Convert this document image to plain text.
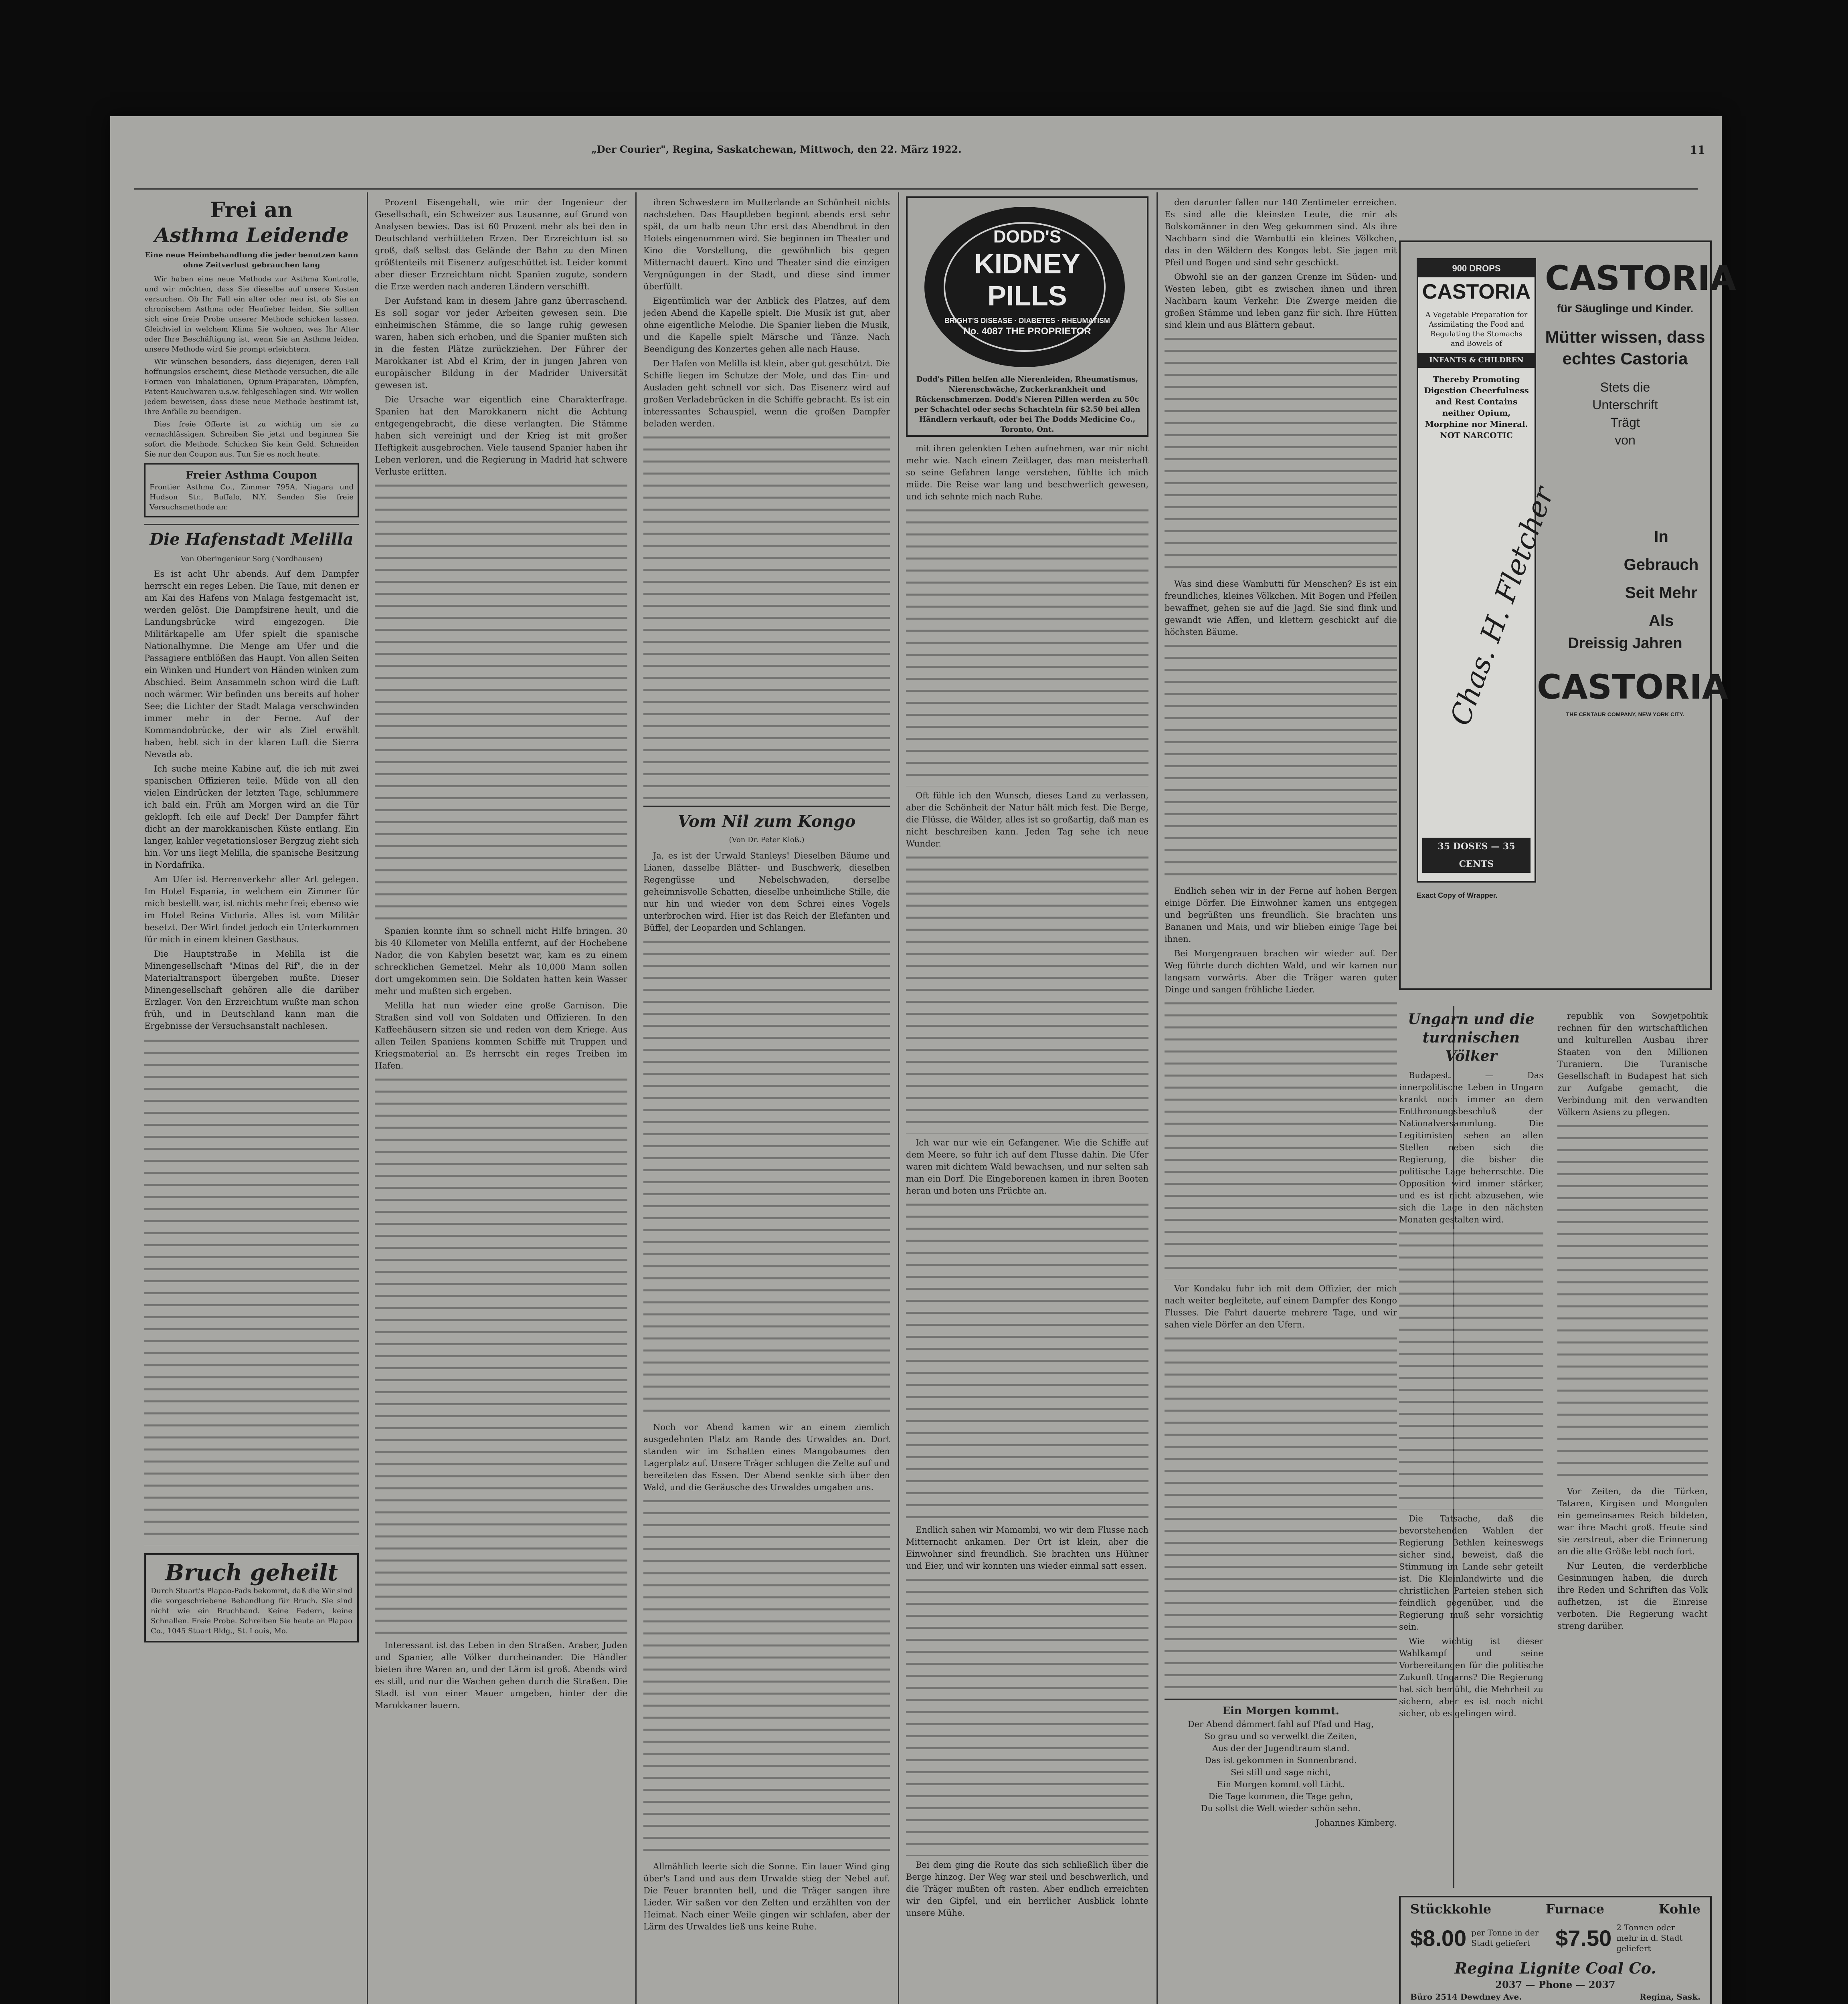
„Der Courier", Regina, Saskatchewan, Mittwoch, den 22. März 1922.	11
Frei an
Asthma Leidende
Eine neue Heimbehandlung die jeder benutzen kann ohne Zeitverlust gebrauchen lang

Wir haben eine neue Methode zur Asthma Kontrolle, und wir möchten, dass Sie dieselbe auf unsere Kosten versuchen. Ob Ihr Fall ein alter oder neu ist, ob Sie an chronischem Asthma oder Heufieber leiden, Sie sollten sich eine freie Probe unserer Methode schicken lassen. Gleichviel in welchem Klima Sie wohnen, was Ihr Alter oder Ihre Beschäftigung ist, wenn Sie an Asthma leiden, unsere Methode wird Sie prompt erleichtern.

Wir wünschen besonders, dass diejenigen, deren Fall hoffnungslos erscheint, diese Methode versuchen, die alle Formen von Inhalationen, Opium-Präparaten, Dämpfen, Patent-Rauchwaren u.s.w. fehlgeschlagen sind. Wir wollen Jedem beweisen, dass diese neue Methode bestimmt ist, Ihre Anfälle zu beendigen.

Dies freie Offerte ist zu wichtig um sie zu vernachlässigen. Schreiben Sie jetzt und beginnen Sie sofort die Methode. Schicken Sie kein Geld. Schneiden Sie nur den Coupon aus. Tun Sie es noch heute.

Freier Asthma Coupon
Frontier Asthma Co., Zimmer 795A, Niagara und Hudson Str., Buffalo, N.Y. Senden Sie freie Versuchsmethode an:
Die Hafenstadt Melilla
Von Oberingenieur Sorg (Nordhausen)

Es ist acht Uhr abends. Auf dem Dampfer herrscht ein reges Leben. Die Taue, mit denen er am Kai des Hafens von Malaga festgemacht ist, werden gelöst. Die Dampfsirene heult, und die Landungsbrücke wird eingezogen. Die Militärkapelle am Ufer spielt die spanische Nationalhymne. Die Menge am Ufer und die Passagiere entblößen das Haupt. Von allen Seiten ein Winken und Hundert von Händen winken zum Abschied. Beim Ansammeln schon wird die Luft noch wärmer. Wir befinden uns bereits auf hoher See; die Lichter der Stadt Malaga verschwinden immer mehr in der Ferne. Auf der Kommandobrücke, der wir als Ziel erwählt haben, hebt sich in der klaren Luft die Sierra Nevada ab.

Ich suche meine Kabine auf, die ich mit zwei spanischen Offizieren teile. Müde von all den vielen Eindrücken der letzten Tage, schlummere ich bald ein. Früh am Morgen wird an die Tür geklopft. Ich eile auf Deck! Der Dampfer fährt dicht an der marokkanischen Küste entlang. Ein langer, kahler vegetationsloser Bergzug zieht sich hin. Vor uns liegt Melilla, die spanische Besitzung in Nordafrika.

Am Ufer ist Herrenverkehr aller Art gelegen. Im Hotel Espania, in welchem ein Zimmer für mich bestellt war, ist nichts mehr frei; ebenso wie im Hotel Reina Victoria. Alles ist vom Militär besetzt. Der Wirt findet jedoch ein Unterkommen für mich in einem kleinen Gasthaus.

Die Hauptstraße in Melilla ist die Minengesellschaft "Minas del Rif", die in der Materialtransport übergeben mußte. Dieser Minengesellschaft gehören alle die darüber Erzlager. Von den Erzreichtum wußte man schon früh, und in Deutschland kann man die Ergebnisse der Versuchsanstalt nachlesen.

Bruch geheilt
Durch Stuart's Plapao-Pads bekommt, daß die Wir sind die vorgeschriebene Behandlung für Bruch. Sie sind nicht wie ein Bruchband. Keine Federn, keine Schnallen. Freie Probe. Schreiben Sie heute an Plapao Co., 1045 Stuart Bldg., St. Louis, Mo.

Prozent Eisengehalt, wie mir der Ingenieur der Gesellschaft, ein Schweizer aus Lausanne, auf Grund von Analysen bewies. Das ist 60 Prozent mehr als bei den in Deutschland verhütteten Erzen. Der Erzreichtum ist so groß, daß selbst das Gelände der Bahn zu den Minen größtenteils mit Eisenerz aufgeschüttet ist. Leider kommt aber dieser Erzreichtum nicht Spanien zugute, sondern die Erze werden nach anderen Ländern verschifft.

Der Aufstand kam in diesem Jahre ganz überraschend. Es soll sogar vor jeder Arbeiten gewesen sein. Die einheimischen Stämme, die so lange ruhig gewesen waren, haben sich erhoben, und die Spanier mußten sich in die festen Plätze zurückziehen. Der Führer der Marokkaner ist Abd el Krim, der in jungen Jahren von europäischer Bildung in der Madrider Universität gewesen ist.

Die Ursache war eigentlich eine Charakterfrage. Spanien hat den Marokkanern nicht die Achtung entgegengebracht, die diese verlangten. Die Stämme haben sich vereinigt und der Krieg ist mit großer Heftigkeit ausgebrochen. Viele tausend Spanier haben ihr Leben verloren, und die Regierung in Madrid hat schwere Verluste erlitten.

Spanien konnte ihm so schnell nicht Hilfe bringen. 30 bis 40 Kilometer von Melilla entfernt, auf der Hochebene Nador, die von Kabylen besetzt war, kam es zu einem schrecklichen Gemetzel. Mehr als 10,000 Mann sollen dort umgekommen sein. Die Soldaten hatten kein Wasser mehr und mußten sich ergeben.

Melilla hat nun wieder eine große Garnison. Die Straßen sind voll von Soldaten und Offizieren. In den Kaffeehäusern sitzen sie und reden von dem Kriege. Aus allen Teilen Spaniens kommen Schiffe mit Truppen und Kriegsmaterial an. Es herrscht ein reges Treiben im Hafen.

Interessant ist das Leben in den Straßen. Araber, Juden und Spanier, alle Völker durcheinander. Die Händler bieten ihre Waren an, und der Lärm ist groß. Abends wird es still, und nur die Wachen gehen durch die Straßen. Die Stadt ist von einer Mauer umgeben, hinter der die Marokkaner lauern.

ihren Schwestern im Mutterlande an Schönheit nichts nachstehen. Das Hauptleben beginnt abends erst sehr spät, da um halb neun Uhr erst das Abendbrot in den Hotels eingenommen wird. Sie beginnen im Theater und Kino die Vorstellung, die gewöhnlich bis gegen Mitternacht dauert. Kino und Theater sind die einzigen Vergnügungen in der Stadt, und diese sind immer überfüllt.

Eigentümlich war der Anblick des Platzes, auf dem jeden Abend die Kapelle spielt. Die Musik ist gut, aber ohne eigentliche Melodie. Die Spanier lieben die Musik, und die Kapelle spielt Märsche und Tänze. Nach Beendigung des Konzertes gehen alle nach Hause.

Der Hafen von Melilla ist klein, aber gut geschützt. Die Schiffe liegen im Schutze der Mole, und das Ein- und Ausladen geht schnell vor sich. Das Eisenerz wird auf großen Verladebrücken in die Schiffe gebracht. Es ist ein interessantes Schauspiel, wenn die großen Dampfer beladen werden.

Vom Nil zum Kongo
(Von Dr. Peter Kloß.)

Ja, es ist der Urwald Stanleys! Dieselben Bäume und Lianen, dasselbe Blätter- und Buschwerk, dieselben Regengüsse und Nebelschwaden, derselbe geheimnisvolle Schatten, dieselbe unheimliche Stille, die nur hin und wieder von dem Schrei eines Vogels unterbrochen wird. Hier ist das Reich der Elefanten und Büffel, der Leoparden und Schlangen.

Noch vor Abend kamen wir an einem ziemlich ausgedehnten Platz am Rande des Urwaldes an. Dort standen wir im Schatten eines Mangobaumes den Lagerplatz auf. Unsere Träger schlugen die Zelte auf und bereiteten das Essen. Der Abend senkte sich über den Wald, und die Geräusche des Urwaldes umgaben uns.

Allmählich leerte sich die Sonne. Ein lauer Wind ging über's Land und aus dem Urwalde stieg der Nebel auf. Die Feuer brannten hell, und die Träger sangen ihre Lieder. Wir saßen vor den Zelten und erzählten von der Heimat. Nach einer Weile gingen wir schlafen, aber der Lärm des Urwaldes ließ uns keine Ruhe.

DODD'S
KIDNEY
PILLS
BRIGHT'S DISEASE · DIABETES · RHEUMATISM
No. 4087 THE PROPRIETOR
Dodd's Pillen helfen alle Nierenleiden, Rheumatismus, Nierenschwäche, Zuckerkrankheit und Rückenschmerzen. Dodd's Nieren Pillen werden zu 50c per Schachtel oder sechs Schachteln für $2.50 bei allen Händlern verkauft, oder bei The Dodds Medicine Co., Toronto, Ont.

mit ihren gelenkten Lehen aufnehmen, war mir nicht mehr wie. Nach einem Zeitlager, das man meisterhaft so seine Gefahren lange verstehen, fühlte ich mich müde. Die Reise war lang und beschwerlich gewesen, und ich sehnte mich nach Ruhe.

Oft fühle ich den Wunsch, dieses Land zu verlassen, aber die Schönheit der Natur hält mich fest. Die Berge, die Flüsse, die Wälder, alles ist so großartig, daß man es nicht beschreiben kann. Jeden Tag sehe ich neue Wunder.

Ich war nur wie ein Gefangener. Wie die Schiffe auf dem Meere, so fuhr ich auf dem Flusse dahin. Die Ufer waren mit dichtem Wald bewachsen, und nur selten sah man ein Dorf. Die Eingeborenen kamen in ihren Booten heran und boten uns Früchte an.

Endlich sahen wir Mamambi, wo wir dem Flusse nach Mitternacht ankamen. Der Ort ist klein, aber die Einwohner sind freundlich. Sie brachten uns Hühner und Eier, und wir konnten uns wieder einmal satt essen.

Bei dem ging die Route das sich schließlich über die Berge hinzog. Der Weg war steil und beschwerlich, und die Träger mußten oft rasten. Aber endlich erreichten wir den Gipfel, und ein herrlicher Ausblick lohnte unsere Mühe.

den darunter fallen nur 140 Zentimeter erreichen. Es sind alle die kleinsten Leute, die mir als Bolskomänner in den Weg gekommen sind. Als ihre Nachbarn sind die Wambutti ein kleines Völkchen, das in den Wäldern des Kongos lebt. Sie jagen mit Pfeil und Bogen und sind sehr geschickt.

Obwohl sie an der ganzen Grenze im Süden- und Westen leben, gibt es zwischen ihnen und ihren Nachbarn kaum Verkehr. Die Zwerge meiden die großen Stämme und leben ganz für sich. Ihre Hütten sind klein und aus Blättern gebaut.

Was sind diese Wambutti für Menschen? Es ist ein freundliches, kleines Völkchen. Mit Bogen und Pfeilen bewaffnet, gehen sie auf die Jagd. Sie sind flink und gewandt wie Affen, und klettern geschickt auf die höchsten Bäume.

Endlich sehen wir in der Ferne auf hohen Bergen einige Dörfer. Die Einwohner kamen uns entgegen und begrüßten uns freundlich. Sie brachten uns Bananen und Mais, und wir blieben einige Tage bei ihnen.

Bei Morgengrauen brachen wir wieder auf. Der Weg führte durch dichten Wald, und wir kamen nur langsam vorwärts. Aber die Träger waren guter Dinge und sangen fröhliche Lieder.

Vor Kondaku fuhr ich mit dem Offizier, der mich nach weiter begleitete, auf einem Dampfer des Kongo Flusses. Die Fahrt dauerte mehrere Tage, und wir sahen viele Dörfer an den Ufern.

Ein Morgen kommt.
Der Abend dämmert fahl auf Pfad und Hag,
So grau und so verwelkt die Zeiten,
Aus der der Jugendtraum stand.
Das ist gekommen in Sonnenbrand.
Sei still und sage nicht,
Ein Morgen kommt voll Licht.
Die Tage kommen, die Tage gehn,
Du sollst die Welt wieder schön sehn.
Johannes Kimberg.
900 DROPS
CASTORIA
A Vegetable Preparation for Assimilating the Food and Regulating the Stomachs and Bowels of
INFANTS & CHILDREN
Thereby Promoting Digestion Cheerfulness and Rest Contains neither Opium, Morphine nor Mineral. NOT NARCOTIC
35 DOSES — 35 CENTS
CASTORIA
für Säuglinge und Kinder.
Mütter wissen, dass
echtes Castoria
Stets die
Unterschrift
Trägt
von
Chas. H. Fletcher	In
Gebrauch
Seit Mehr Als
Dreissig Jahren
CASTORIA
Exact Copy of Wrapper.
THE CENTAUR COMPANY, NEW YORK CITY.
Ungarn und die turanischen Völker

Budapest. — Das innerpolitische Leben in Ungarn krankt noch immer an dem Entthronungsbeschluß der Nationalversammlung. Die Legitimisten sehen an allen Stellen neben sich die Regierung, die bisher die politische Lage beherrschte. Die Opposition wird immer stärker, und es ist nicht abzusehen, wie sich die Lage in den nächsten Monaten gestalten wird.

Die Tatsache, daß die bevorstehenden Wahlen der Regierung Bethlen keineswegs sicher sind, beweist, daß die Stimmung im Lande sehr geteilt ist. Die Kleinlandwirte und die christlichen Parteien stehen sich feindlich gegenüber, und die Regierung muß sehr vorsichtig sein.

Wie wichtig ist dieser Wahlkampf und seine Vorbereitungen für die politische Zukunft Ungarns? Die Regierung hat sich bemüht, die Mehrheit zu sichern, aber es ist noch nicht sicher, ob es gelingen wird.

republik von Sowjetpolitik rechnen für den wirtschaftlichen und kulturellen Ausbau ihrer Staaten von den Millionen Turaniern. Die Turanische Gesellschaft in Budapest hat sich zur Aufgabe gemacht, die Verbindung mit den verwandten Völkern Asiens zu pflegen.

Vor Zeiten, da die Türken, Tataren, Kirgisen und Mongolen ein gemeinsames Reich bildeten, war ihre Macht groß. Heute sind sie zerstreut, aber die Erinnerung an die alte Größe lebt noch fort.

Nur Leuten, die verderbliche Gesinnungen haben, die durch ihre Reden und Schriften das Volk aufhetzen, ist die Einreise verboten. Die Regierung wacht streng darüber.

Stückkohle	Furnace	Kohle
$8.00 per Tonne in der Stadt geliefert	$7.50 2 Tonnen oder mehr in d. Stadt geliefert
Regina Lignite Coal Co.
2037 — Phone — 2037
Büro 2514 Dewdney Ave.	Regina, Sask.
